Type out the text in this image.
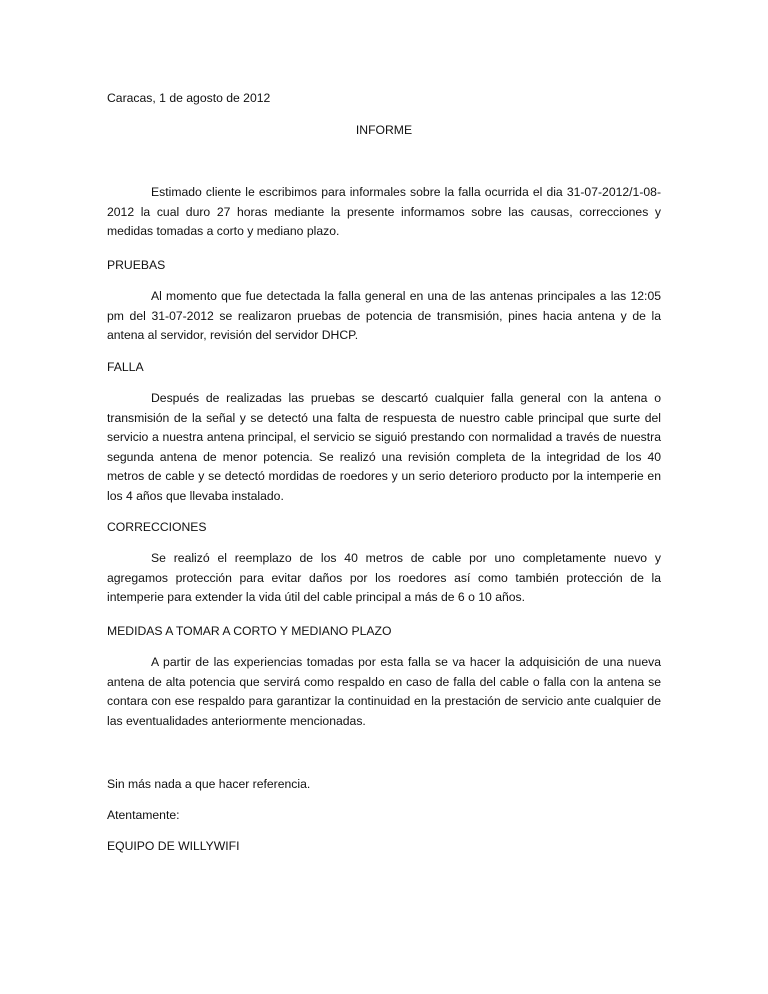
Caracas, 1 de agosto de 2012
INFORME
Estimado cliente le escribimos para informales sobre la falla ocurrida el dia 31-07-2012/1-08-2012 la cual duro 27 horas mediante la presente informamos sobre las causas, correcciones y medidas tomadas a corto y mediano plazo.
PRUEBAS
Al momento que fue detectada la falla general en una de las antenas principales a las 12:05 pm del 31-07-2012 se realizaron pruebas de potencia de transmisión, pines hacia antena y de la antena al servidor, revisión del servidor DHCP.
FALLA
Después de realizadas las pruebas se descartó cualquier falla general con la antena o transmisión de la señal y se detectó una falta de respuesta de nuestro cable principal que surte del servicio a nuestra antena principal, el servicio se siguió prestando con normalidad a través de nuestra segunda antena de menor potencia. Se realizó una revisión completa de la integridad de los 40 metros de cable y se detectó mordidas de roedores y un serio deterioro producto por la intemperie en los 4 años que llevaba instalado.
CORRECCIONES
Se realizó el reemplazo de los 40 metros de cable por uno completamente nuevo y agregamos protección para evitar daños por los roedores así como también protección de la intemperie para extender la vida útil del cable principal a más de 6 o 10 años.
MEDIDAS A TOMAR A CORTO Y MEDIANO PLAZO
A partir de las experiencias tomadas por esta falla se va hacer la adquisición de una nueva antena de alta potencia que servirá como respaldo en caso de falla del cable o falla con la antena se contara con ese respaldo para garantizar la continuidad en la prestación de servicio ante cualquier de las eventualidades anteriormente mencionadas.
Sin más nada a que hacer referencia.
Atentamente:
EQUIPO DE WILLYWIFI
